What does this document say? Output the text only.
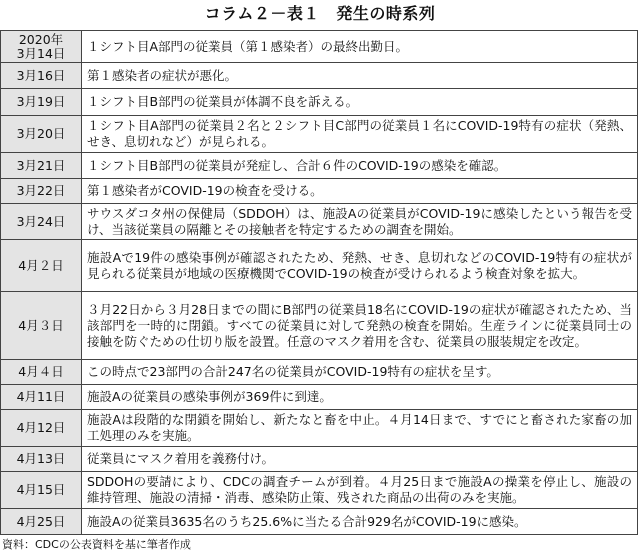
コラム２－表１　発生の時系列
2020年
3月14日	１シフト目A部門の従業員（第１感染者）の最終出勤日。
3月16日	第１感染者の症状が悪化。
3月19日	１シフト目B部門の従業員が体調不良を訴える。
3月20日	１シフト目A部門の従業員２名と２シフト目C部門の従業員１名にCOVID-19特有の症状（発熱、せき、息切れなど）が見られる。
3月21日	１シフト目B部門の従業員が発症し、合計６件のCOVID-19の感染を確認。
3月22日	第１感染者がCOVID-19の検査を受ける。
3月24日	サウスダコタ州の保健局（SDDOH）は、施設Aの従業員がCOVID-19に感染したという報告を受け、当該従業員の隔離とその接触者を特定するための調査を開始。
4月２日	施設Aで19件の感染事例が確認されたため、発熱、せき、息切れなどのCOVID-19特有の症状が見られる従業員が地域の医療機関でCOVID-19の検査が受けられるよう検査対象を拡大。
4月３日	３月22日から３月28日までの間にB部門の従業員18名にCOVID-19の症状が確認されたため、当該部門を一時的に閉鎖。すべての従業員に対して発熱の検査を開始。生産ラインに従業員同士の接触を防ぐための仕切り版を設置。任意のマスク着用を含む、従業員の服装規定を改定。
4月４日	この時点で23部門の合計247名の従業員がCOVID-19特有の症状を呈す。
4月11日	施設Aの従業員の感染事例が369件に到達。
4月12日	施設Aは段階的な閉鎖を開始し、新たなと畜を中止。４月14日まで、すでにと畜された家畜の加工処理のみを実施。
4月13日	従業員にマスク着用を義務付け。
4月15日	SDDOHの要請により、CDCの調査チームが到着。４月25日まで施設Aの操業を停止し、施設の維持管理、施設の清掃・消毒、感染防止策、残された商品の出荷のみを実施。
4月25日	施設Aの従業員3635名のうち25.6%に当たる合計929名がCOVID-19に感染。
資料：CDCの公表資料を基に筆者作成
